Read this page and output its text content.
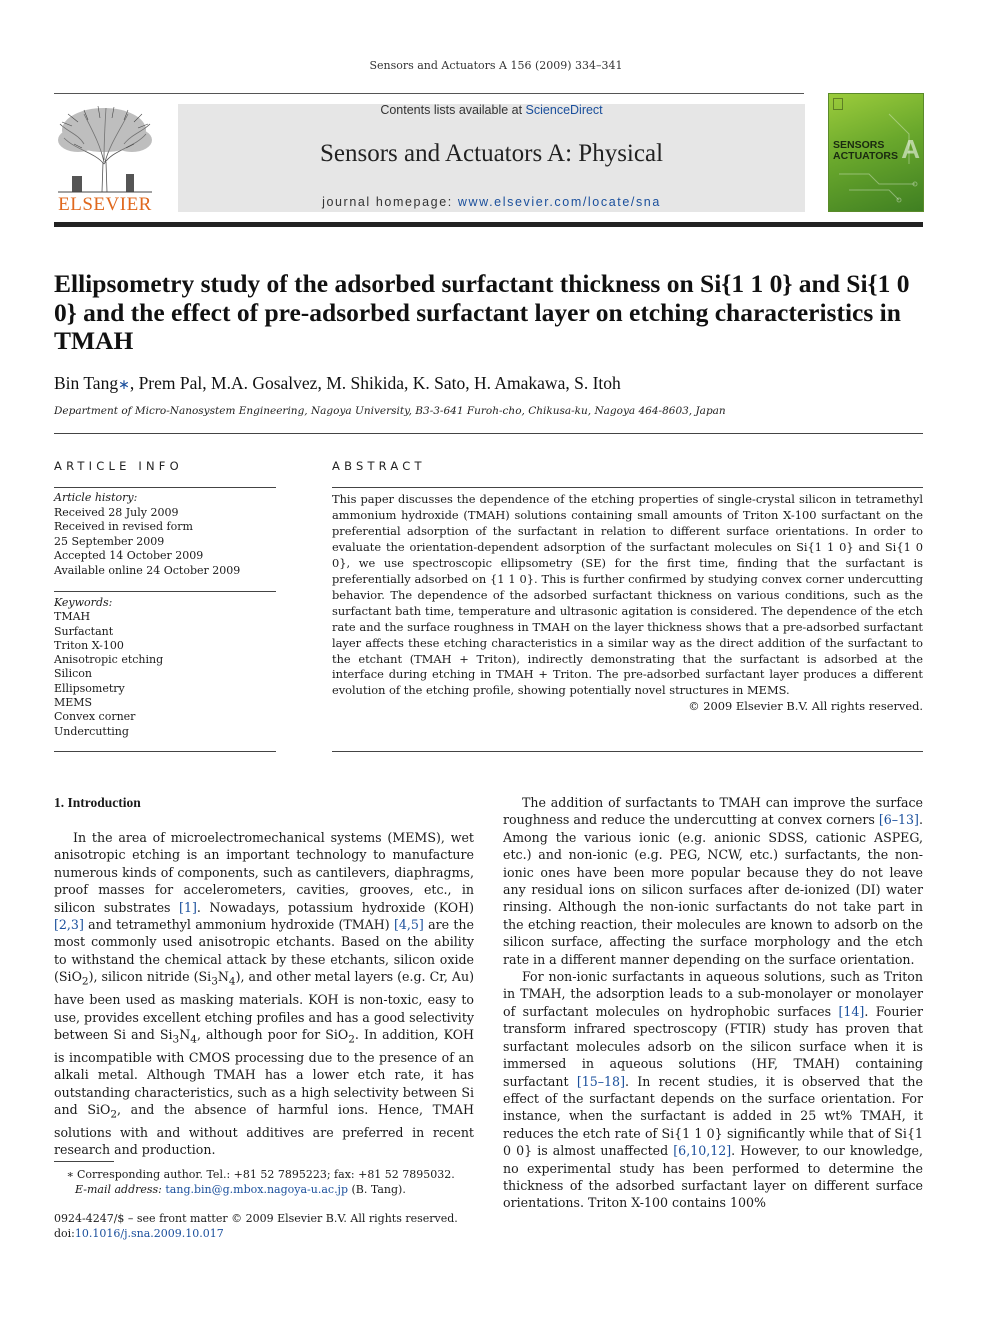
Sensors and Actuators A 156 (2009) 334–341
ELSEVIER
Contents lists available at ScienceDirect
Sensors and Actuators A: Physical
journal homepage: www.elsevier.com/locate/sna
A
SENSORS
ACTUATORS
Ellipsometry study of the adsorbed surfactant thickness on Si{1 1 0} and Si{1 0 0} and the effect of pre-adsorbed surfactant layer on etching characteristics in TMAH
Bin Tang∗, Prem Pal, M.A. Gosalvez, M. Shikida, K. Sato, H. Amakawa, S. Itoh
Department of Micro-Nanosystem Engineering, Nagoya University, B3-3-641 Furoh-cho, Chikusa-ku, Nagoya 464-8603, Japan
ARTICLE INFO	ABSTRACT
Article history:
Received 28 July 2009
Received in revised form
25 September 2009
Accepted 14 October 2009
Available online 24 October 2009
Keywords:
TMAH
Surfactant
Triton X-100
Anisotropic etching
Silicon
Ellipsometry
MEMS
Convex corner
Undercutting
This paper discusses the dependence of the etching properties of single-crystal silicon in tetramethyl ammonium hydroxide (TMAH) solutions containing small amounts of Triton X-100 surfactant on the preferential adsorption of the surfactant in relation to different surface orientations. In order to evaluate the orientation-dependent adsorption of the surfactant molecules on Si{1 1 0} and Si{1 0 0}, we use spectroscopic ellipsometry (SE) for the first time, finding that the surfactant is preferentially adsorbed on {1 1 0}. This is further confirmed by studying convex corner undercutting behavior. The dependence of the adsorbed surfactant thickness on various conditions, such as the surfactant bath time, temperature and ultrasonic agitation is considered. The dependence of the etch rate and the surface roughness in TMAH on the layer thickness shows that a pre-adsorbed surfactant layer affects these etching characteristics in a similar way as the direct addition of the surfactant to the etchant (TMAH + Triton), indirectly demonstrating that the surfactant is adsorbed at the interface during etching in TMAH + Triton. The pre-adsorbed surfactant layer produces a different evolution of the etching profile, showing potentially novel structures in MEMS.
© 2009 Elsevier B.V. All rights reserved.
1. Introduction

In the area of microelectromechanical systems (MEMS), wet anisotropic etching is an important technology to manufacture numerous kinds of components, such as cantilevers, diaphragms, proof masses for accelerometers, cavities, grooves, etc., in silicon substrates [1]. Nowadays, potassium hydroxide (KOH) [2,3] and tetramethyl ammonium hydroxide (TMAH) [4,5] are the most commonly used anisotropic etchants. Based on the ability to withstand the chemical attack by these etchants, silicon oxide (SiO$_2$), silicon nitride $(Si_3N_4)$, and other metal layers (e.g. Cr, Au) have been used as masking materials. KOH is non-toxic, easy to use, provides excellent etching profiles and has a good selectivity between Si and $Si_3N_4$, although poor for SiO$_2$. In addition, KOH is incompatible with CMOS processing due to the presence of an alkali metal. Although TMAH has a lower etch rate, it has outstanding characteristics, such as a high selectivity between Si and SiO$_2$, and the absence of harmful ions. Hence, TMAH solutions with and without additives are preferred in recent research and production.

The addition of surfactants to TMAH can improve the surface roughness and reduce the undercutting at convex corners [6–13]. Among the various ionic (e.g. anionic SDSS, cationic ASPEG, etc.) and non-ionic (e.g. PEG, NCW, etc.) surfactants, the non-ionic ones have been more popular because they do not leave any residual ions on silicon surfaces after de-ionized (DI) water rinsing. Although the non-ionic surfactants do not take part in the etching reaction, their molecules are known to adsorb on the silicon surface, affecting the surface morphology and the etch rate in a different manner depending on the surface orientation.

For non-ionic surfactants in aqueous solutions, such as Triton in TMAH, the adsorption leads to a sub-monolayer or monolayer of surfactant molecules on hydrophobic surfaces [14]. Fourier transform infrared spectroscopy (FTIR) study has proven that surfactant molecules adsorb on the silicon surface when it is immersed in aqueous solutions (HF, TMAH) containing surfactant [15–18]. In recent studies, it is observed that the effect of the surfactant depends on the surface orientation. For instance, when the surfactant is added in 25 wt% TMAH, it reduces the etch rate of Si{1 1 0} significantly while that of Si{1 0 0} is almost unaffected [6,10,12]. However, to our knowledge, no experimental study has been performed to determine the thickness of the adsorbed surfactant layer on different surface orientations. Triton X-100 contains 100%

∗ Corresponding author. Tel.: +81 52 7895223; fax: +81 52 7895032.
E-mail address: tang.bin@g.mbox.nagoya-u.ac.jp (B. Tang).
0924-4247/$ – see front matter © 2009 Elsevier B.V. All rights reserved.
doi:10.1016/j.sna.2009.10.017
